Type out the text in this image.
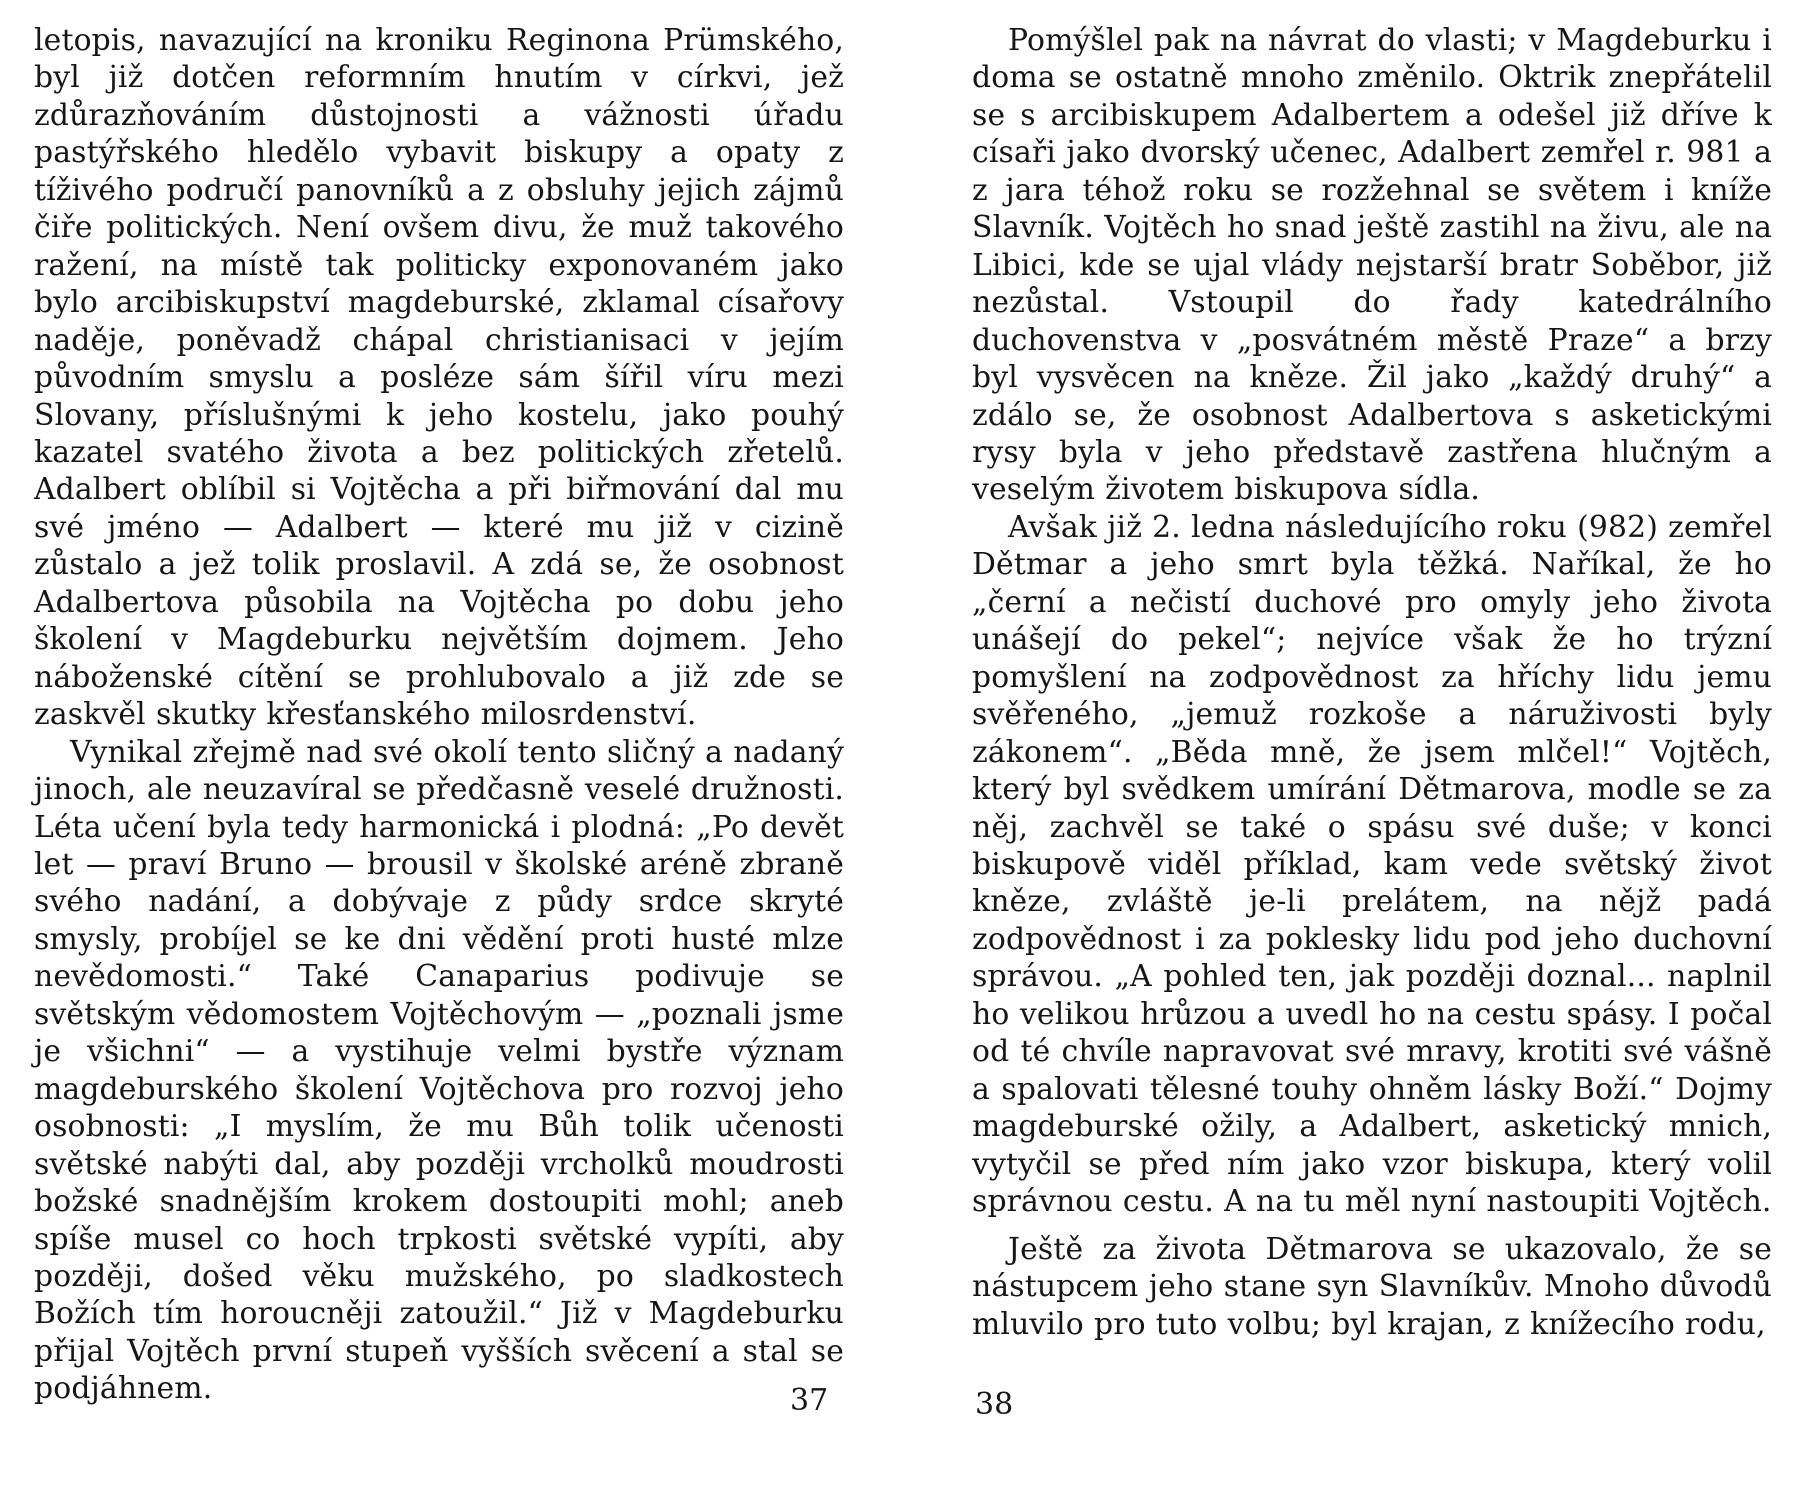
letopis, navazující na kroniku Reginona Prümského, byl již dotčen reformním hnutím v církvi, jež zdůrazňováním důstojnosti a vážnosti úřadu pastýřského hledělo vybavit biskupy a opaty z tíživého područí panovníků a z obsluhy jejich zájmů čiře politických. Není ovšem divu, že muž takového ražení, na místě tak politicky exponovaném jako bylo arcibiskupství magdeburské, zklamal císařovy naděje, poněvadž chápal christianisaci v jejím původním smyslu a posléze sám šířil víru mezi Slovany, příslušnými k jeho kostelu, jako pouhý kazatel svatého života a bez politických zřetelů. Adalbert oblíbil si Vojtěcha a při biřmování dal mu své jméno — Adalbert — které mu již v cizině zůstalo a jež tolik proslavil. A zdá se, že osobnost Adalbertova působila na Vojtěcha po dobu jeho školení v Magdeburku největším dojmem. Jeho náboženské cítění se prohlubovalo a již zde se zaskvěl skutky křesťanského milosrdenství.

Vynikal zřejmě nad své okolí tento sličný a nadaný jinoch, ale neuzavíral se předčasně veselé družnosti. Léta učení byla tedy harmonická i plodná: „Po devět let — praví Bruno — brousil v školské aréně zbraně svého nadání, a dobývaje z půdy srdce skryté smysly, probíjel se ke dni vědění proti husté mlze nevědomosti.“ Také Canaparius podivuje se světským vědomostem Vojtěchovým — „poznali jsme je všichni“ — a vystihuje velmi bystře význam magdeburského školení Vojtěchova pro rozvoj jeho osobnosti: „I myslím, že mu Bůh tolik učenosti světské nabýti dal, aby později vrcholků moudrosti božské snadnějším krokem dostoupiti mohl; aneb spíše musel co hoch trpkosti světské vypíti, aby později, došed věku mužského, po sladkostech Božích tím horoucněji zatoužil.“ Již v Magdeburku přijal Vojtěch první stupeň vyšších svěcení a stal se podjáhnem.

Pomýšlel pak na návrat do vlasti; v Magdeburku i doma se ostatně mnoho změnilo. Oktrik znepřátelil se s arcibiskupem Adalbertem a odešel již dříve k císaři jako dvorský učenec, Adalbert zemřel r. 981 a z jara téhož roku se rozžehnal se světem i kníže Slavník. Vojtěch ho snad ještě zastihl na živu, ale na Libici, kde se ujal vlády nejstarší bratr Soběbor, již nezůstal. Vstoupil do řady katedrálního duchovenstva v „posvátném městě Praze“ a brzy byl vysvěcen na kněze. Žil jako „každý druhý“ a zdálo se, že osobnost Adalbertova s asketickými rysy byla v jeho představě zastřena hlučným a veselým životem biskupova sídla.

Avšak již 2. ledna následujícího roku (982) zemřel Dětmar a jeho smrt byla těžká. Naříkal, že ho „černí a nečistí duchové pro omyly jeho života unášejí do pekel“; nejvíce však že ho trýzní pomyšlení na zodpovědnost za hříchy lidu jemu svěřeného, „jemuž rozkoše a náruživosti byly zákonem“. „Běda mně, že jsem mlčel!“ Vojtěch, který byl svědkem umírání Dětmarova, modle se za něj, zachvěl se také o spásu své duše; v konci biskupově viděl příklad, kam vede světský život kněze, zvláště je-li prelátem, na nějž padá zodpovědnost i za poklesky lidu pod jeho duchovní správou. „A pohled ten, jak později doznal... naplnil ho velikou hrůzou a uvedl ho na cestu spásy. I počal od té chvíle napravovat své mravy, krotiti své vášně a spalovati tělesné touhy ohněm lásky Boží.“ Dojmy magdeburské ožily, a Adalbert, asketický mnich, vytyčil se před ním jako vzor biskupa, který volil správnou cestu. A na tu měl nyní nastoupiti Vojtěch.

Ještě za života Dětmarova se ukazovalo, že se nástupcem jeho stane syn Slavníkův. Mnoho důvodů mluvilo pro tuto volbu; byl krajan, z knížecího rodu,

37	38
